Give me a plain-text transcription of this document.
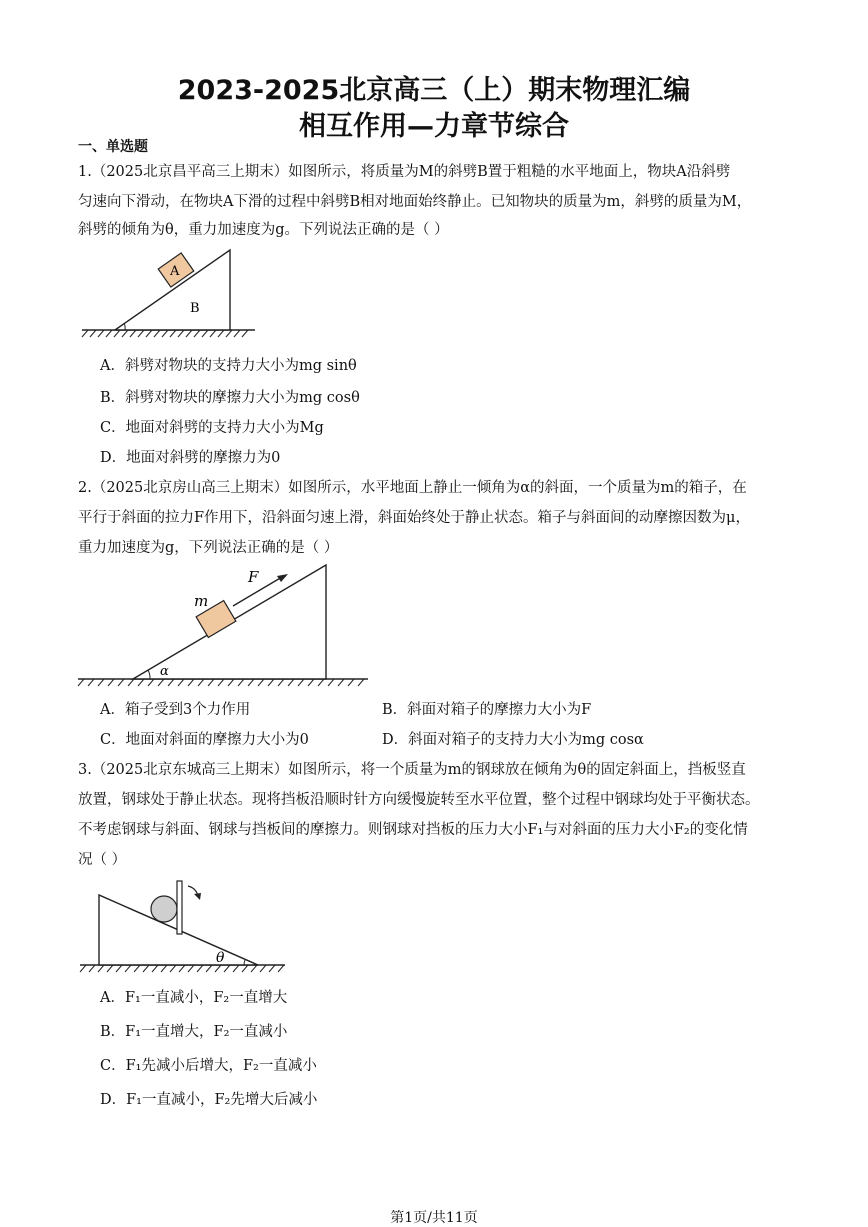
2023-2025北京高三（上）期末物理汇编
相互作用—力章节综合
一、单选题
1.（2025北京昌平高三上期末）如图所示，将质量为M的斜劈B置于粗糙的水平地面上，物块A沿斜劈
匀速向下滑动，在物块A下滑的过程中斜劈B相对地面始终静止。已知物块的质量为m，斜劈的质量为M，
斜劈的倾角为θ，重力加速度为g。下列说法正确的是（ ）
A
B
A．斜劈对物块的支持力大小为mg sinθ
B．斜劈对物块的摩擦力大小为mg cosθ
C．地面对斜劈的支持力大小为Mg
D．地面对斜劈的摩擦力为0
2.（2025北京房山高三上期末）如图所示，水平地面上静止一倾角为α的斜面，一个质量为m的箱子，在
平行于斜面的拉力F作用下，沿斜面匀速上滑，斜面始终处于静止状态。箱子与斜面间的动摩擦因数为μ，
重力加速度为g，下列说法正确的是（ ）
F
m
α
A．箱子受到3个力作用	B．斜面对箱子的摩擦力大小为F
C．地面对斜面的摩擦力大小为0	D．斜面对箱子的支持力大小为mg cosα
3.（2025北京东城高三上期末）如图所示，将一个质量为m的钢球放在倾角为θ的固定斜面上，挡板竖直
放置，钢球处于静止状态。现将挡板沿顺时针方向缓慢旋转至水平位置，整个过程中钢球均处于平衡状态。
不考虑钢球与斜面、钢球与挡板间的摩擦力。则钢球对挡板的压力大小F₁与对斜面的压力大小F₂的变化情
况（ ）
θ
A．F₁一直减小，F₂一直增大
B．F₁一直增大，F₂一直减小
C．F₁先减小后增大，F₂一直减小
D．F₁一直减小，F₂先增大后减小
第1页/共11页
